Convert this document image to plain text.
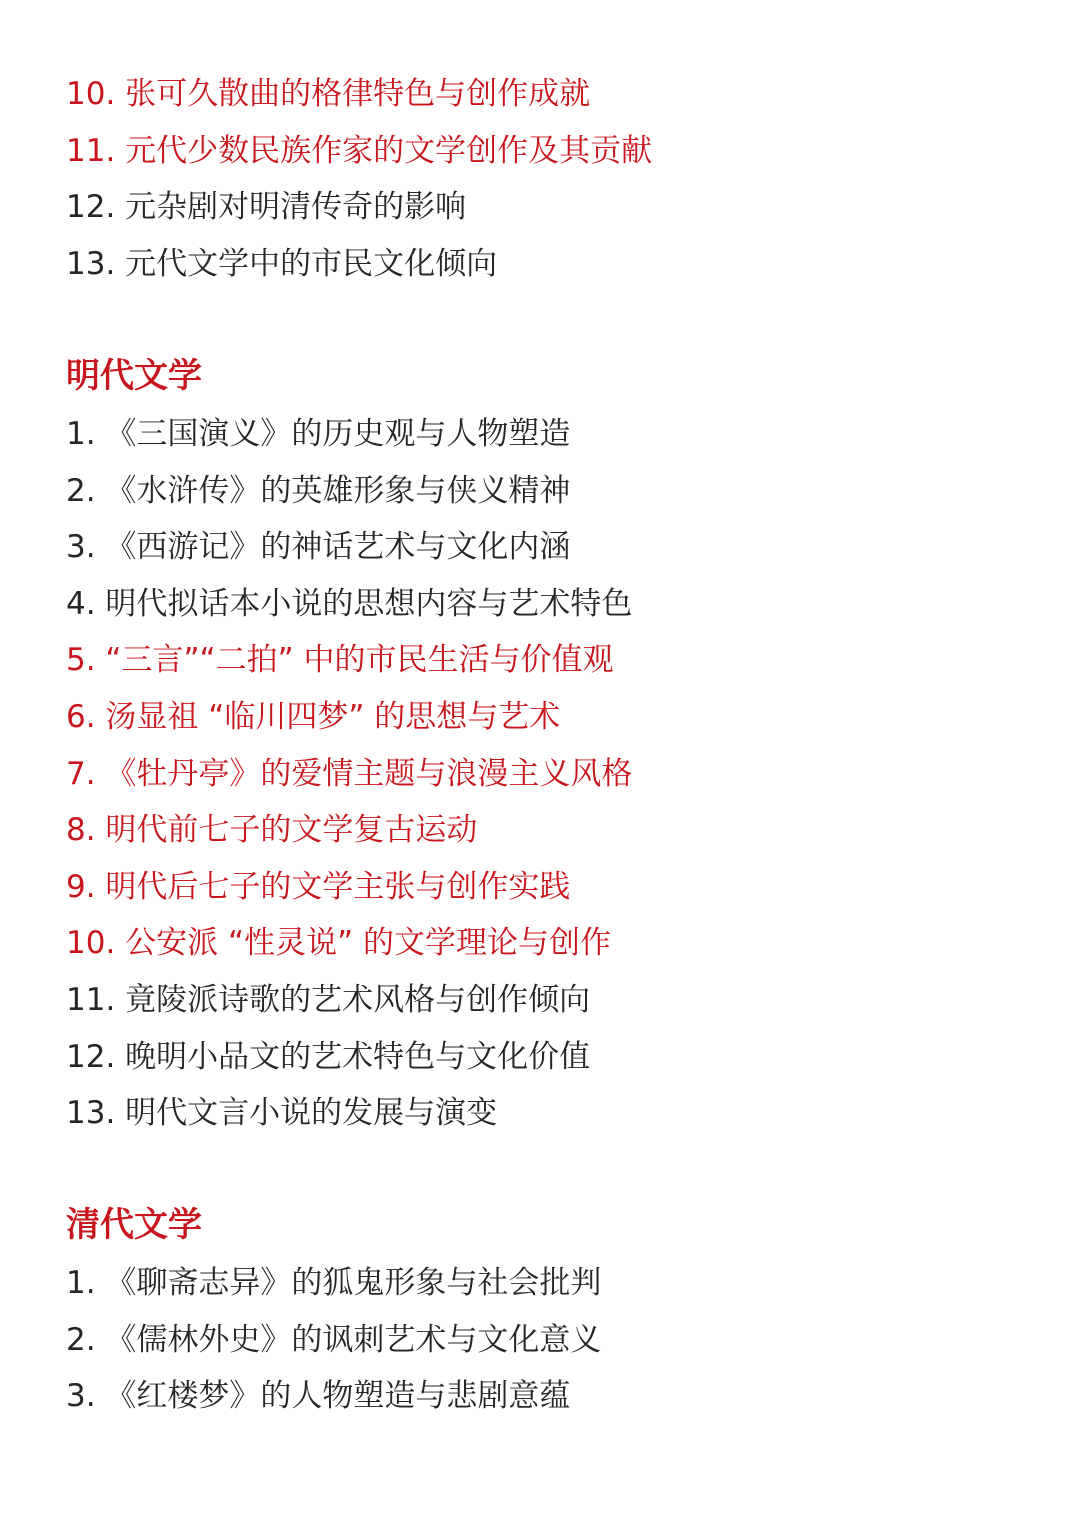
10. 张可久散曲的格律特色与创作成就
11. 元代少数民族作家的文学创作及其贡献
12. 元杂剧对明清传奇的影响
13. 元代文学中的市民文化倾向
明代文学
1. 《三国演义》的历史观与人物塑造
2. 《水浒传》的英雄形象与侠义精神
3. 《西游记》的神话艺术与文化内涵
4. 明代拟话本小说的思想内容与艺术特色
5. “三言”“二拍” 中的市民生活与价值观
6. 汤显祖 “临川四梦” 的思想与艺术
7. 《牡丹亭》的爱情主题与浪漫主义风格
8. 明代前七子的文学复古运动
9. 明代后七子的文学主张与创作实践
10. 公安派 “性灵说” 的文学理论与创作
11. 竟陵派诗歌的艺术风格与创作倾向
12. 晚明小品文的艺术特色与文化价值
13. 明代文言小说的发展与演变
清代文学
1. 《聊斋志异》的狐鬼形象与社会批判
2. 《儒林外史》的讽刺艺术与文化意义
3. 《红楼梦》的人物塑造与悲剧意蕴
